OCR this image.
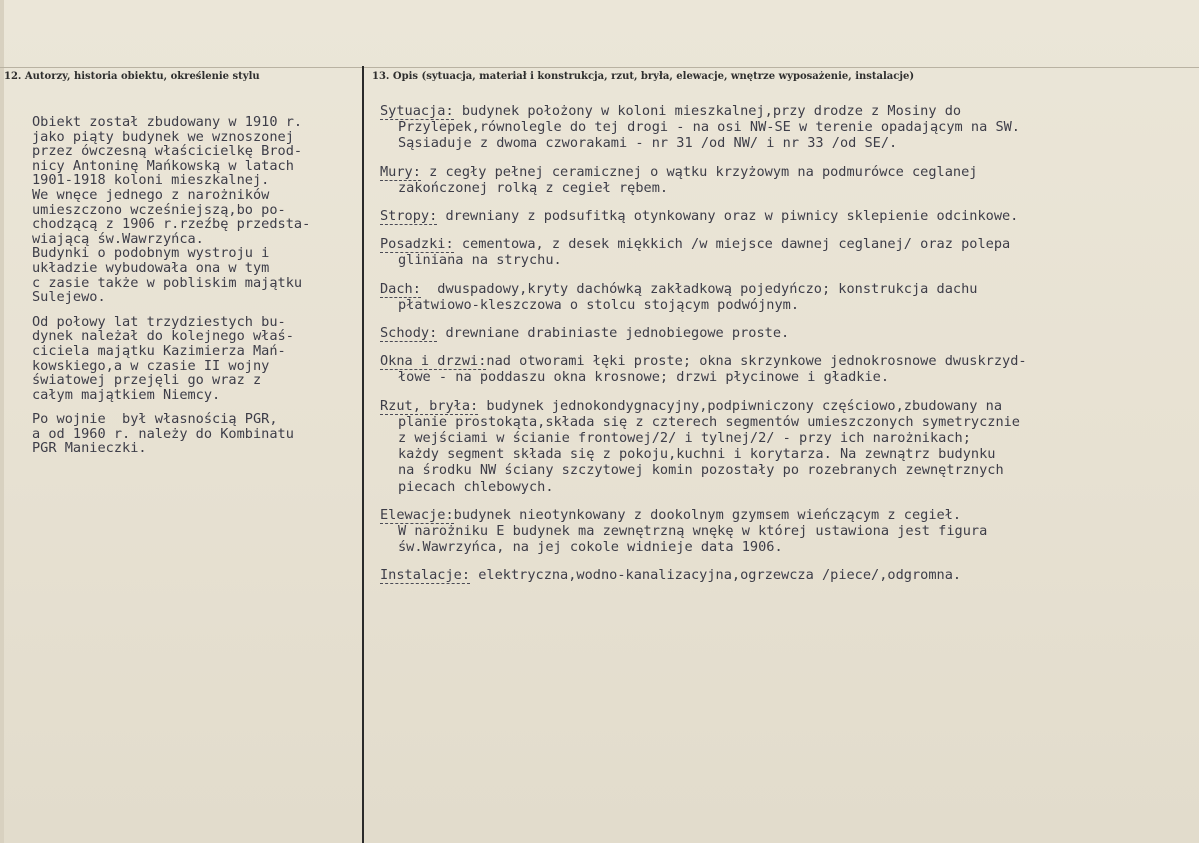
12. Autorzy, historia obiektu, określenie stylu	13. Opis (sytuacja, materiał i konstrukcja, rzut, bryła, elewacje, wnętrze wyposażenie, instalacje)
Obiekt został zbudowany w 1910 r.
jako piąty budynek we wznoszonej
przez ówczesną właścicielkę Brod-
nicy Antoninę Mańkowską w latach
1901-1918 koloni mieszkalnej.
We wnęce jednego z narożników
umieszczono wcześniejszą,bo po-
chodzącą z 1906 r.rzeźbę przedsta-
wiającą św.Wawrzyńca.
Budynki o podobnym wystroju i
układzie wybudowała ona w tym
c zasie także w pobliskim majątku
Sulejewo.
Od połowy lat trzydziestych bu-
dynek należał do kolejnego właś-
ciciela majątku Kazimierza Mań-
kowskiego,a w czasie II wojny
światowej przejęli go wraz z
całym majątkiem Niemcy.
Po wojnie  był własnością PGR,
a od 1960 r. należy do Kombinatu
PGR Manieczki.
Sytuacja: budynek położony w koloni mieszkalnej,przy drodze z Mosiny do
Przylepek,równolegle do tej drogi - na osi NW-SE w terenie opadającym na SW.
Sąsiaduje z dwoma czworakami - nr 31 /od NW/ i nr 33 /od SE/.
Mury: z cegły pełnej ceramicznej o wątku krzyżowym na podmurówce ceglanej
zakończonej rolką z cegieł rębem.
Stropy: drewniany z podsufitką otynkowany oraz w piwnicy sklepienie odcinkowe.
Posadzki: cementowa, z desek miękkich /w miejsce dawnej ceglanej/ oraz polepa
gliniana na strychu.
Dach:  dwuspadowy,kryty dachówką zakładkową pojedyńczo; konstrukcja dachu
płatwiowo-kleszczowa o stolcu stojącym podwójnym.
Schody: drewniane drabiniaste jednobiegowe proste.
Okna i drzwi:nad otworami łęki proste; okna skrzynkowe jednokrosnowe dwuskrzyd-
łowe - na poddaszu okna krosnowe; drzwi płycinowe i gładkie.
Rzut, bryła: budynek jednokondygnacyjny,podpiwniczony częściowo,zbudowany na
planie prostokąta,składa się z czterech segmentów umieszczonych symetrycznie
z wejściami w ścianie frontowej/2/ i tylnej/2/ - przy ich narożnikach;
każdy segment składa się z pokoju,kuchni i korytarza. Na zewnątrz budynku
na środku NW ściany szczytowej komin pozostały po rozebranych zewnętrznych
piecach chlebowych.
Elewacje:budynek nieotynkowany z dookolnym gzymsem wieńczącym z cegieł.
W narożniku E budynek ma zewnętrzną wnękę w której ustawiona jest figura
św.Wawrzyńca, na jej cokole widnieje data 1906.
Instalacje: elektryczna,wodno-kanalizacyjna,ogrzewcza /piece/,odgromna.
